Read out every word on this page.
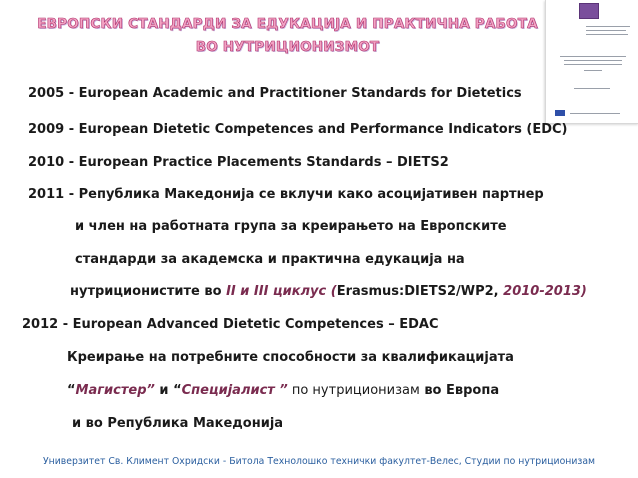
ЕВРОПСКИ СТАНДАРДИ ЗА ЕДУКАЦИЈА И ПРАКТИЧНА РАБОТА
ВО НУТРИЦИОНИЗМОТ
2005 - European Academic and Practitioner Standards for Dietetics
2009 - European Dietetic Competences and Performance Indicators (EDC)
2010 - European Practice Placements Standards – DIETS2
2011 - Република Македонија се вклучи како асоцијативен партнер
и член на работната група за креирањето на Европските
стандарди за академска и практична едукација на
нутриционистите во II и III циклус (Erasmus:DIETS2/WP2, 2010-2013)
2012 - European Advanced Dietetic Competences – EDAC
Креирање на потребните способности за квалификацијата
“Магистер” и “Специјалист ” по нутриционизам во Европа
и во Република Македонија
Универзитет Св. Климент Охридски - Битола Технолошко технички факултет-Велес, Студии по нутриционизам
